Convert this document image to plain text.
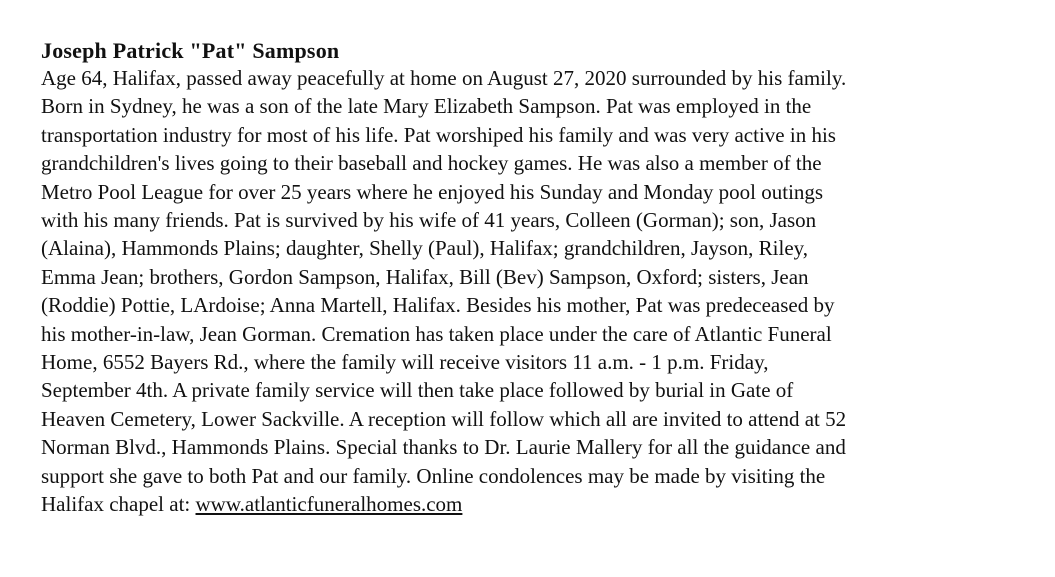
Joseph Patrick "Pat" Sampson

Age 64, Halifax, passed away peacefully at home on August 27, 2020 surrounded by his family.
Born in Sydney, he was a son of the late Mary Elizabeth Sampson. Pat was employed in the
transportation industry for most of his life. Pat worshiped his family and was very active in his
grandchildren's lives going to their baseball and hockey games. He was also a member of the
Metro Pool League for over 25 years where he enjoyed his Sunday and Monday pool outings
with his many friends. Pat is survived by his wife of 41 years, Colleen (Gorman); son, Jason
(Alaina), Hammonds Plains; daughter, Shelly (Paul), Halifax; grandchildren, Jayson, Riley,
Emma Jean; brothers, Gordon Sampson, Halifax, Bill (Bev) Sampson, Oxford; sisters, Jean
(Roddie) Pottie, LArdoise; Anna Martell, Halifax. Besides his mother, Pat was predeceased by
his mother-in-law, Jean Gorman. Cremation has taken place under the care of Atlantic Funeral
Home, 6552 Bayers Rd., where the family will receive visitors 11 a.m. - 1 p.m. Friday,
September 4th. A private family service will then take place followed by burial in Gate of
Heaven Cemetery, Lower Sackville. A reception will follow which all are invited to attend at 52
Norman Blvd., Hammonds Plains. Special thanks to Dr. Laurie Mallery for all the guidance and
support she gave to both Pat and our family. Online condolences may be made by visiting the
Halifax chapel at: www.atlanticfuneralhomes.com
